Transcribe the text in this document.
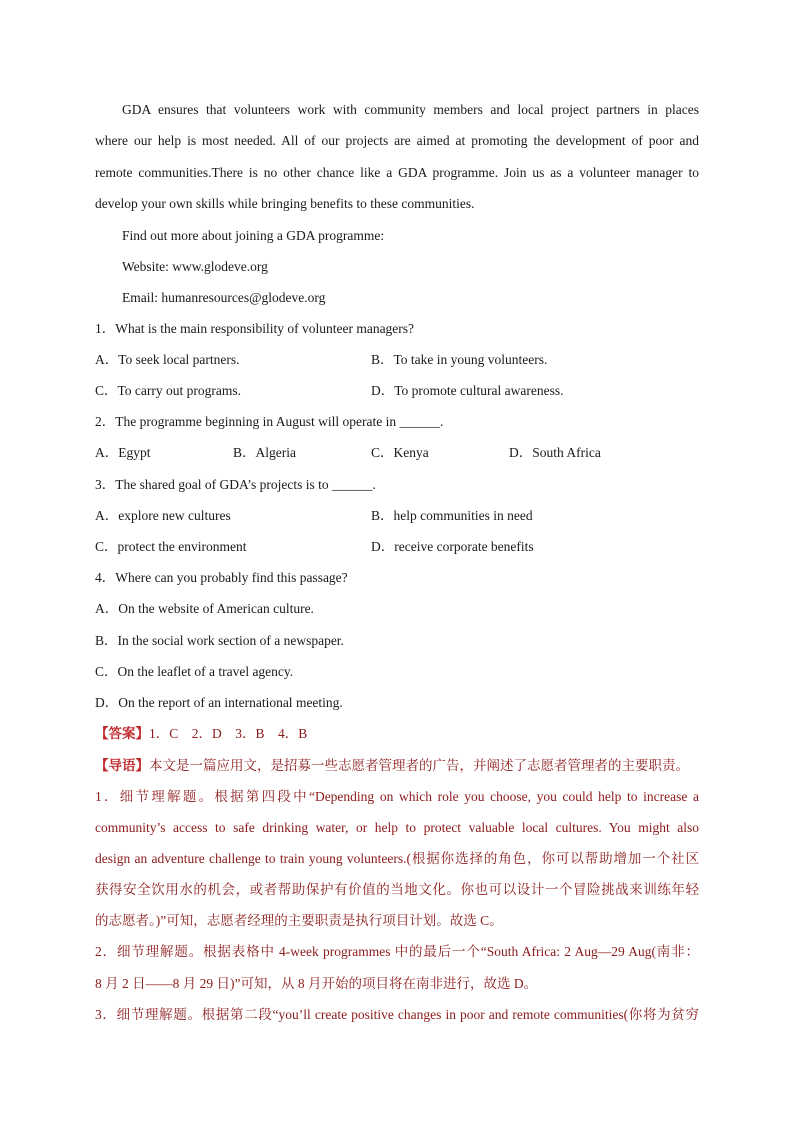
GDA ensures that volunteers work with community members and local project partners in places
where our help is most needed. All of our projects are aimed at promoting the development of poor and
remote communities.There is no other chance like a GDA programme. Join us as a volunteer manager to
develop your own skills while bringing benefits to these communities.
Find out more about joining a GDA programme:
Website: www.glodeve.org
Email: humanresources@glodeve.org
1．What is the main responsibility of volunteer managers?
A．To seek local partners.	B．To take in young volunteers.
C．To carry out programs.	D．To promote cultural awareness.
2．The programme beginning in August will operate in ______.
A．Egypt	B．Algeria	C．Kenya	D．South Africa
3．The shared goal of GDA’s projects is to ______.
A．explore new cultures	B．help communities in need
C．protect the environment	D．receive corporate benefits
4．Where can you probably find this passage?
A．On the website of American culture.
B．In the social work section of a newspaper.
C．On the leaflet of a travel agency.
D．On the report of an international meeting.
【答案】1．C　2．D　3．B　4．B
【导语】本文是一篇应用文，是招募一些志愿者管理者的广告，并阐述了志愿者管理者的主要职责。
1．细节理解题。根据第四段中“Depending on which role you choose, you could help to increase a
community’s access to safe drinking water, or help to protect valuable local cultures. You might also
design an adventure challenge to train young volunteers.(根据你选择的角色，你可以帮助增加一个社区
获得安全饮用水的机会，或者帮助保护有价值的当地文化。你也可以设计一个冒险挑战来训练年轻
的志愿者。)”可知，志愿者经理的主要职责是执行项目计划。故选 C。
2．细节理解题。根据表格中 4-week programmes 中的最后一个“South Africa: 2 Aug—29 Aug(南非：
8 月 2 日——8 月 29 日)”可知，从 8 月开始的项目将在南非进行，故选 D。
3．细节理解题。根据第二段“you’ll create positive changes in poor and remote communities(你将为贫穷
